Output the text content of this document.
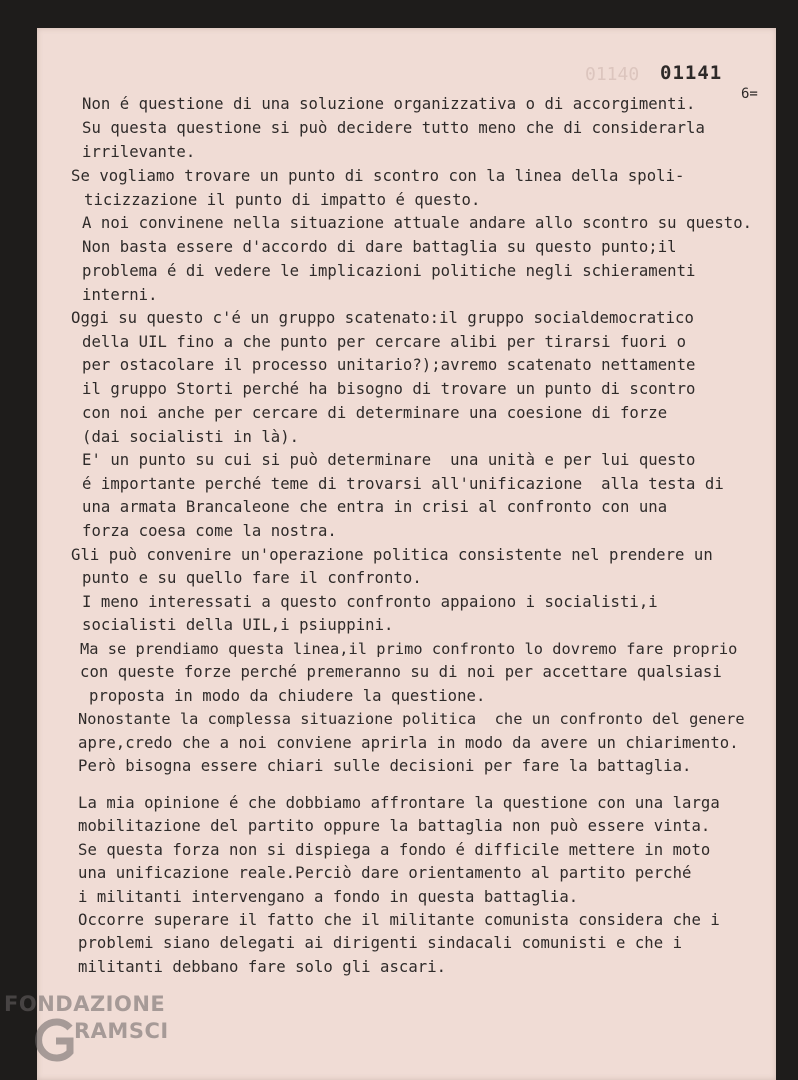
01140 01141
6=
Non é questione di una soluzione organizzativa o di accorgimenti.
Su questa questione si può decidere tutto meno che di considerarla
irrilevante.
Se vogliamo trovare un punto di scontro con la linea della spoli-
ticizzazione il punto di impatto é questo.
A noi convinene nella situazione attuale andare allo scontro su questo.
Non basta essere d'accordo di dare battaglia su questo punto;il
problema é di vedere le implicazioni politiche negli schieramenti
interni.
Oggi su questo c'é un gruppo scatenato:il gruppo socialdemocratico
della UIL fino a che punto per cercare alibi per tirarsi fuori o
per ostacolare il processo unitario?);avremo scatenato nettamente
il gruppo Storti perché ha bisogno di trovare un punto di scontro
con noi anche per cercare di determinare una coesione di forze
(dai socialisti in là).
E' un punto su cui si può determinare  una unità e per lui questo
é importante perché teme di trovarsi all'unificazione  alla testa di
una armata Brancaleone che entra in crisi al confronto con una
forza coesa come la nostra.
Gli può convenire un'operazione politica consistente nel prendere un
punto e su quello fare il confronto.
I meno interessati a questo confronto appaiono i socialisti,i
socialisti della UIL,i psiuppini.
Ma se prendiamo questa linea,il primo confronto lo dovremo fare proprio
con queste forze perché premeranno su di noi per accettare qualsiasi
proposta in modo da chiudere la questione.
Nonostante la complessa situazione politica  che un confronto del genere
apre,credo che a noi conviene aprirla in modo da avere un chiarimento.
Però bisogna essere chiari sulle decisioni per fare la battaglia.
La mia opinione é che dobbiamo affrontare la questione con una larga
mobilitazione del partito oppure la battaglia non può essere vinta.
Se questa forza non si dispiega a fondo é difficile mettere in moto
una unificazione reale.Perciò dare orientamento al partito perché
i militanti intervengano a fondo in questa battaglia.
Occorre superare il fatto che il militante comunista considera che i
problemi siano delegati ai dirigenti sindacali comunisti e che i
militanti debbano fare solo gli ascari.
FONDAZIONE
RAMSCI
